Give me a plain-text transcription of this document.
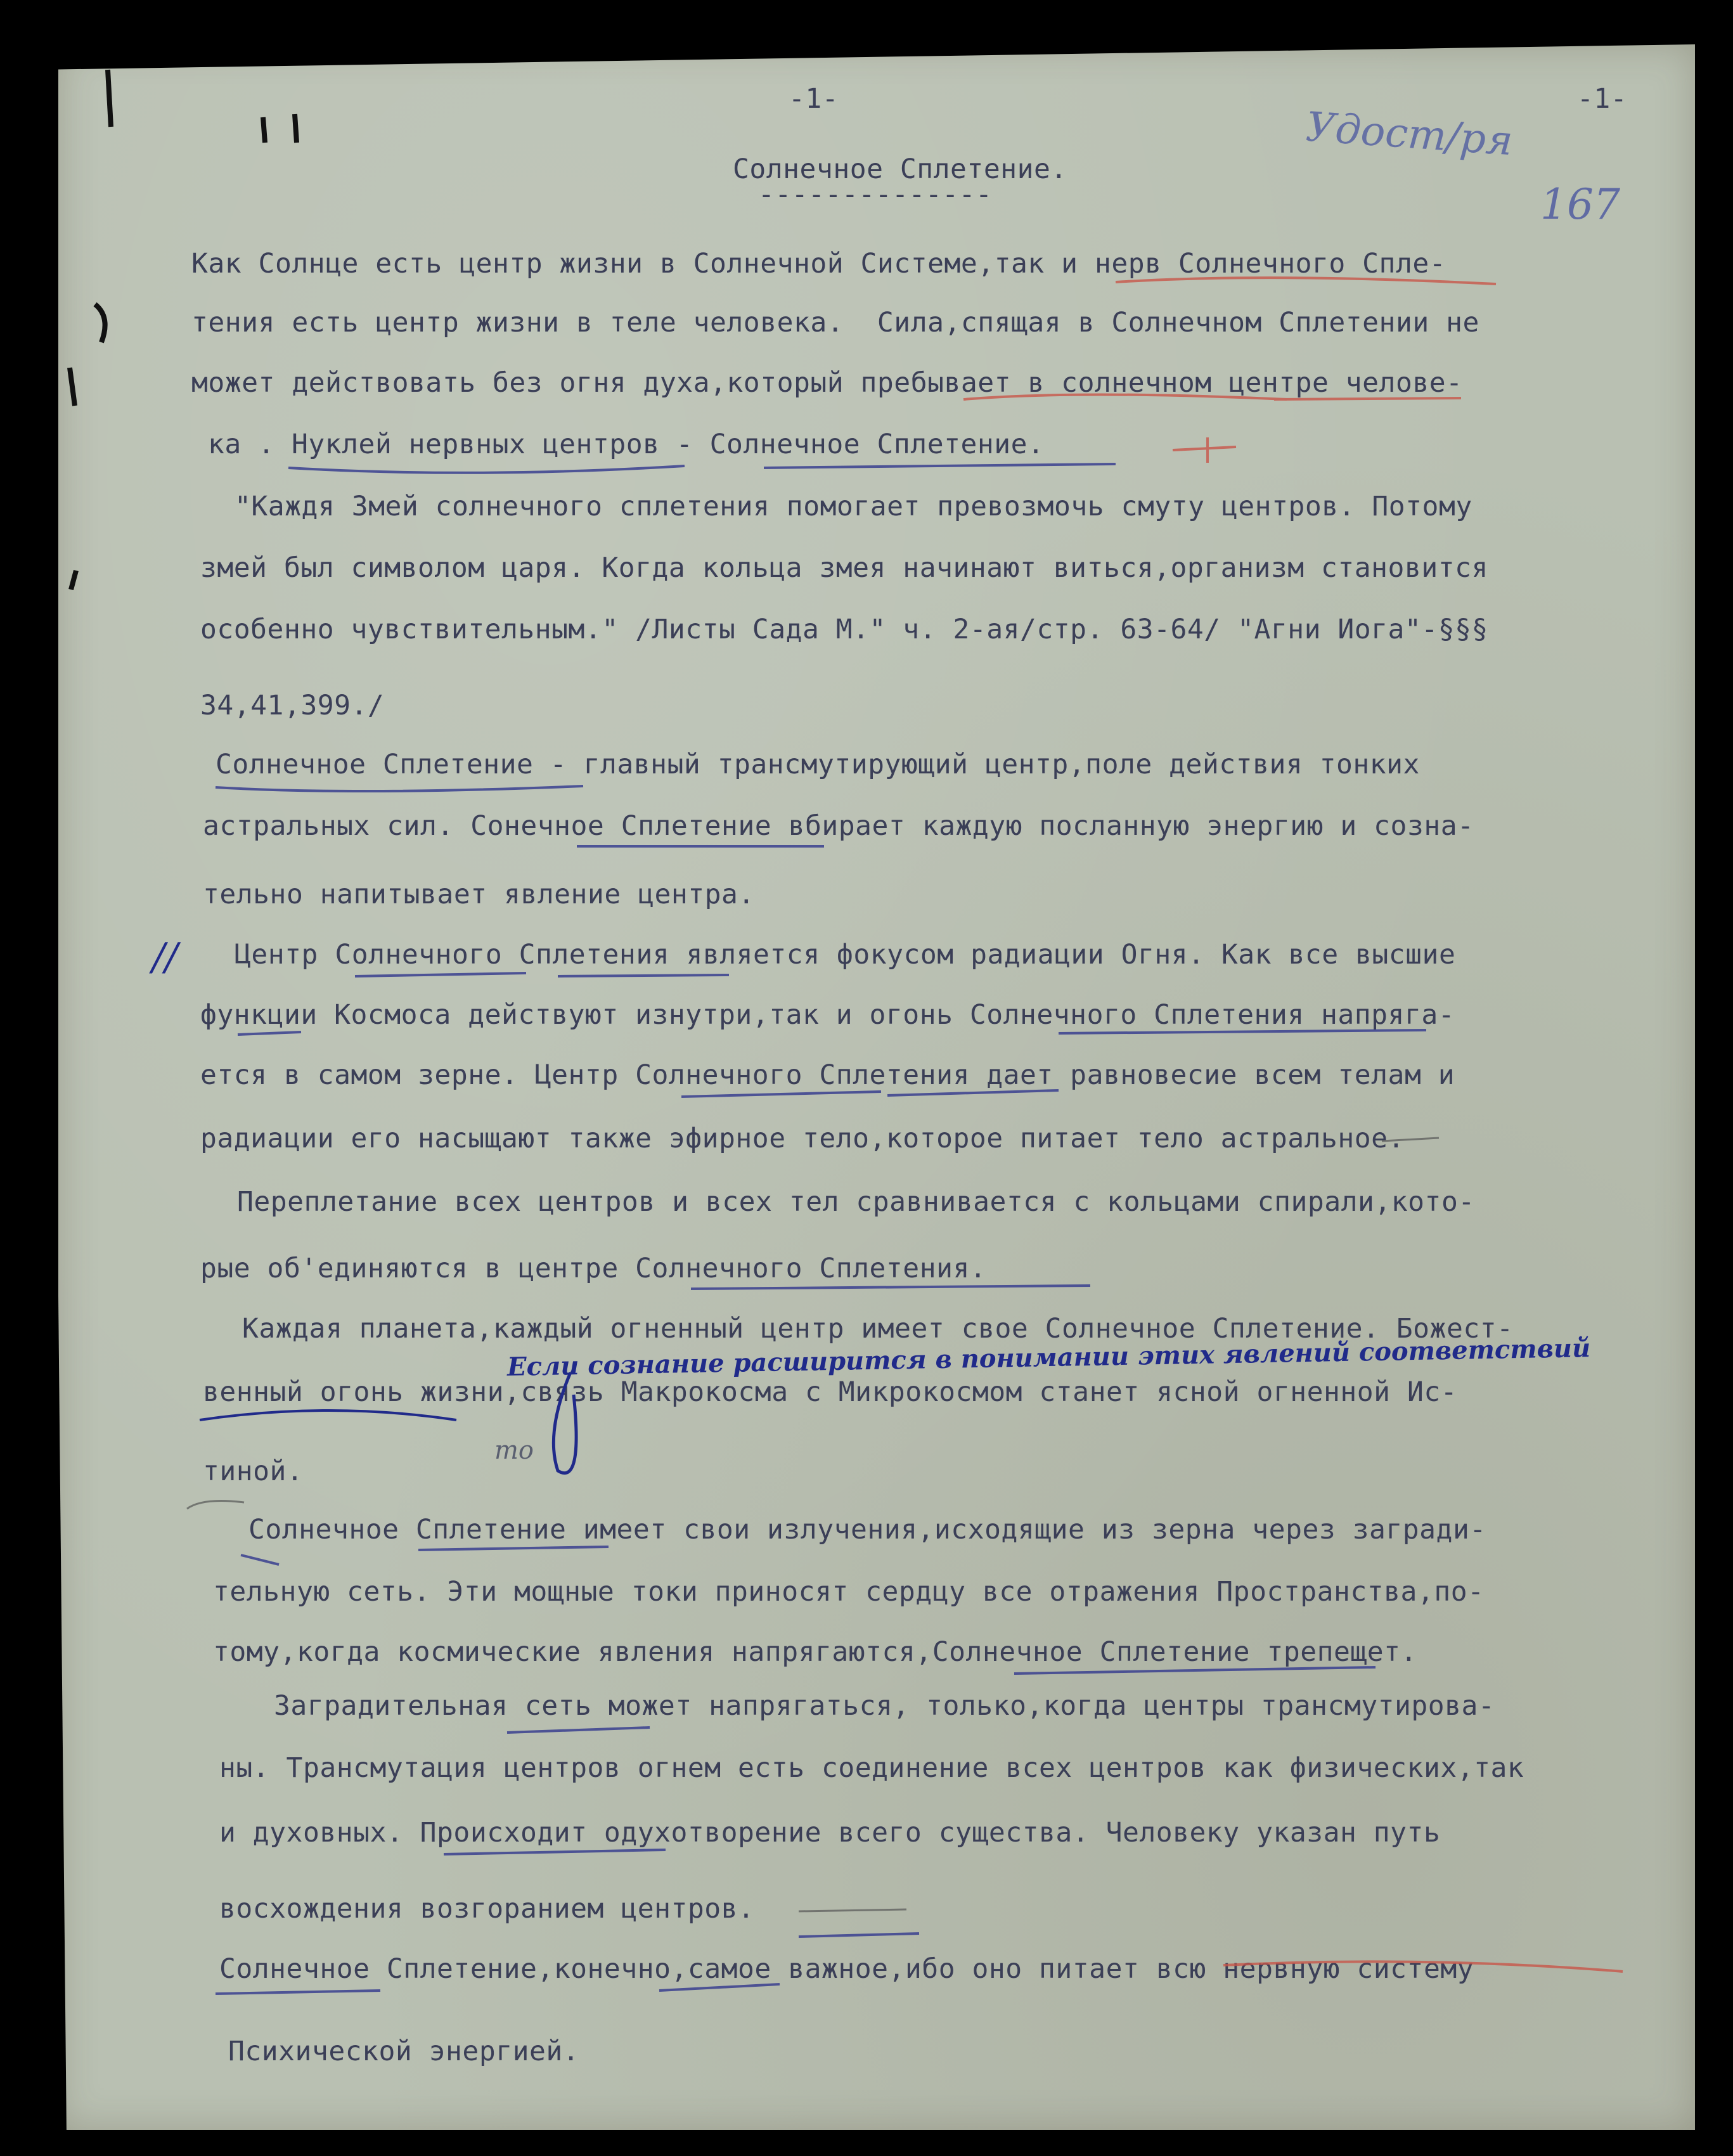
-1-	-1-
Удост/ря
167
Солнечное Сплетение.
--------------
Как Солнце есть центр жизни в Солнечной Системе,так и нерв Солнечного Спле-
тения есть центр жизни в теле человека.  Сила,спящая в Солнечном Сплетении не
может действовать без огня духа,который пребывает в солнечном центре челове-
ка . Нуклей нервных центров - Солнечное Сплетение.
"Каждя Змей солнечного сплетения помогает превозмочь смуту центров. Потому
змей был символом царя. Когда кольца змея начинают виться,организм становится
особенно чувствительным." /Листы Сада М." ч. 2-ая/стр. 63-64/ "Агни Иога"-§§§
34,41,399./
Солнечное Сплетение - главный трансмутирующий центр,поле действия тонких
астральных сил. Сонечное Сплетение вбирает каждую посланную энергию и созна-
тельно напитывает явление центра.
// Центр Солнечного Сплетения является фокусом радиации Огня. Как все высшие
функции Космоса действуют изнутри,так и огонь Солнечного Сплетения напряга-
ется в самом зерне. Центр Солнечного Сплетения дает равновесие всем телам и
радиации его насыщают также эфирное тело,которое питает тело астральное.
Переплетание всех центров и всех тел сравнивается с кольцами спирали,кото-
рые об'единяются в центре Солнечного Сплетения.
Каждая планета,каждый огненный центр имеет свое Солнечное Сплетение. Божест-
венный огонь жизни,связь Макрокосма с Микрокосмом станет ясной огненной Ис-
тиной.
Если сознание расширится в понимании этих явлений соответствий
то
Солнечное Сплетение имеет свои излучения,исходящие из зерна через загради-
тельную сеть. Эти мощные токи приносят сердцу все отражения Пространства,по-
тому,когда космические явления напрягаются,Солнечное Сплетение трепещет.
Заградительная сеть может напрягаться, только,когда центры трансмутирова-
ны. Трансмутация центров огнем есть соединение всех центров как физических,так
и духовных. Происходит одухотворение всего существа. Человеку указан путь
восхождения возгоранием центров.
Солнечное Сплетение,конечно,самое важное,ибо оно питает всю нервную систему
Психической энергией.
